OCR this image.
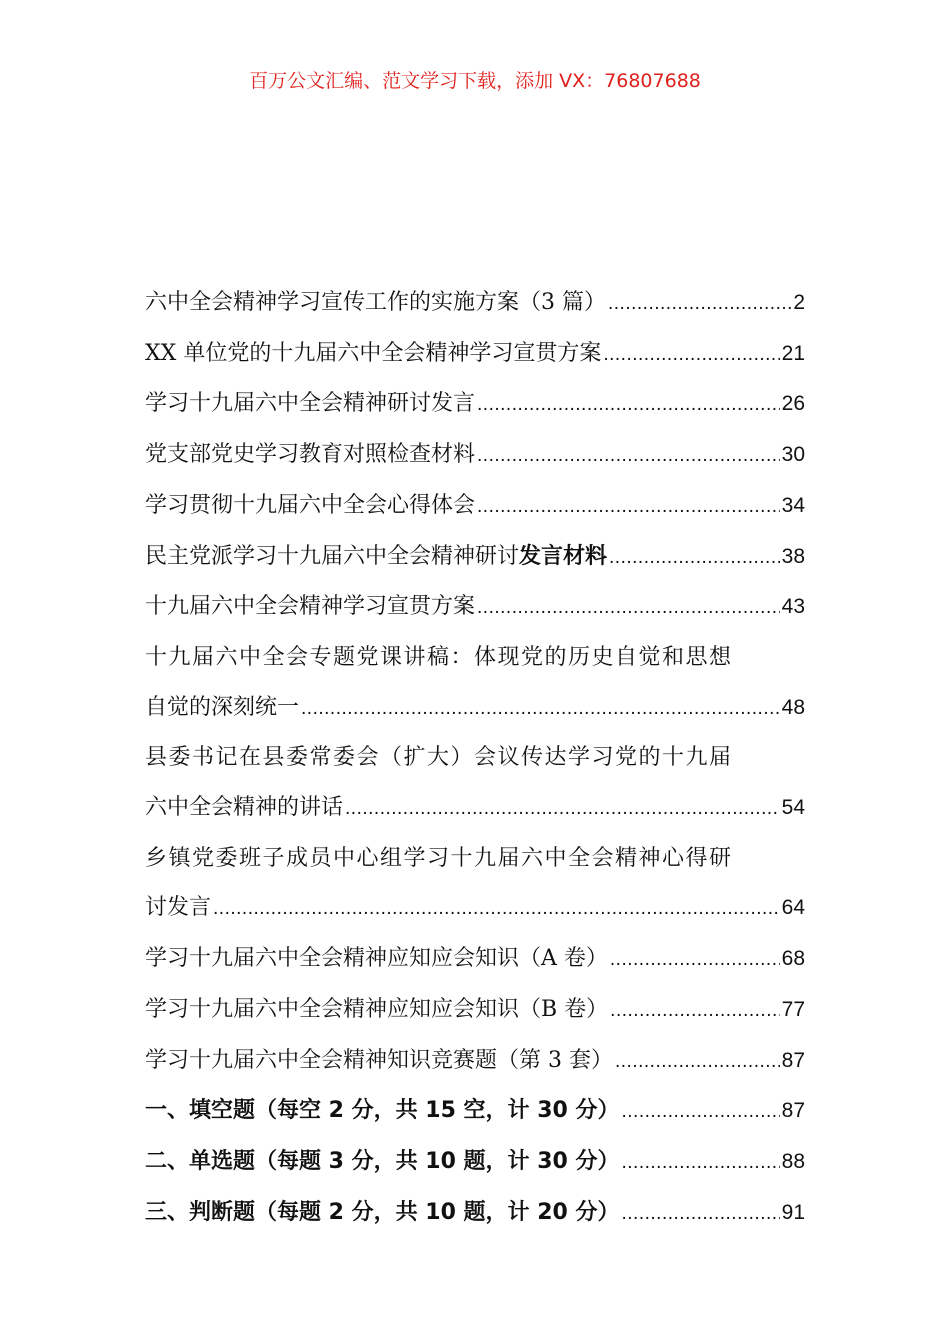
百万公文汇编、范文学习下载，添加 VX：76807688
六中全会精神学习宣传工作的实施方案（3 篇） .....	2
XX 单位党的十九届六中全会精神学习宣贯方案 .....	21
学习十九届六中全会精神研讨发言 .....	26
党支部党史学习教育对照检查材料 .....	30
学习贯彻十九届六中全会心得体会 .....	34
民主党派学习十九届六中全会精神研讨发言材料 .....	38
十九届六中全会精神学习宣贯方案 .....	43
十九届六中全会专题党课讲稿：体现党的历史自觉和思想
自觉的深刻统一 .....	48
县委书记在县委常委会（扩大）会议传达学习党的十九届
六中全会精神的讲话 .....	54
乡镇党委班子成员中心组学习十九届六中全会精神心得研
讨发言 .....	64
学习十九届六中全会精神应知应会知识（A 卷） .....	68
学习十九届六中全会精神应知应会知识（B 卷） .....	77
学习十九届六中全会精神知识竞赛题（第 3 套） .....	87
一、填空题（每空 2 分，共 15 空，计 30 分） .....	87
二、单选题（每题 3 分，共 10 题，计 30 分） .....	88
三、判断题（每题 2 分，共 10 题，计 20 分） .....	91
